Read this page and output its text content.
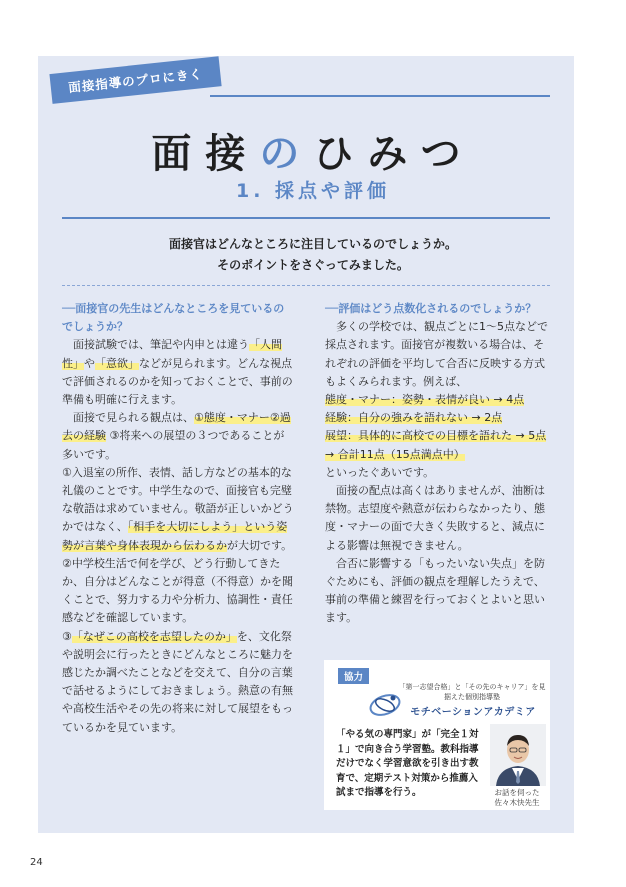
面接指導のプロにきく
面接のひみつ
1. 採点や評価
面接官はどんなところに注目しているのでしょうか。
そのポイントをさぐってみました。

──面接官の先生はどんなところを見ているのでしょうか？

面接試験では、筆記や内申とは違う「人間性」や「意欲」などが見られます。どんな視点で評価されるのかを知っておくことで、事前の準備も明確に行えます。

面接で見られる観点は、①態度・マナー②過去の経験 ③将来への展望の３つであることが多いです。

①入退室の所作、表情、話し方などの基本的な礼儀のことです。中学生なので、面接官も完璧な敬語は求めていません。敬語が正しいかどうかではなく、「相手を大切にしよう」という姿勢が言葉や身体表現から伝わるかが大切です。

②中学校生活で何を学び、どう行動してきたか、自分はどんなことが得意（不得意）かを聞くことで、努力する力や分析力、協調性・責任感などを確認しています。

③「なぜこの高校を志望したのか」を、文化祭や説明会に行ったときにどんなところに魅力を感じたか調べたことなどを交えて、自分の言葉で話せるようにしておきましょう。熱意の有無や高校生活やその先の将来に対して展望をもっているかを見ています。

──評価はどう点数化されるのでしょうか？

多くの学校では、観点ごとに1〜5点などで採点されます。面接官が複数いる場合は、それぞれの評価を平均して合否に反映する方式もよくみられます。例えば、

態度・マナー：姿勢・表情が良い → 4点

経験：自分の強みを語れない → 2点

展望：具体的に高校での目標を語れた → 5点

→ 合計11点（15点満点中）

といったぐあいです。

面接の配点は高くはありませんが、油断は禁物。志望度や熱意が伝わらなかったり、態度・マナーの面で大きく失敗すると、減点による影響は無視できません。

合否に影響する「もったいない失点」を防ぐためにも、評価の観点を理解したうえで、事前の準備と練習を行っておくとよいと思います。

協力
「第一志望合格」と「その先のキャリア」を見据えた個別指導塾
モチベーションアカデミア
「やる気の専門家」が「完全１対１」で向き合う学習塾。教科指導だけでなく学習意欲を引き出す教育で、定期テスト対策から推薦入試まで指導を行う。	お話を伺った
佐々木快先生
24
